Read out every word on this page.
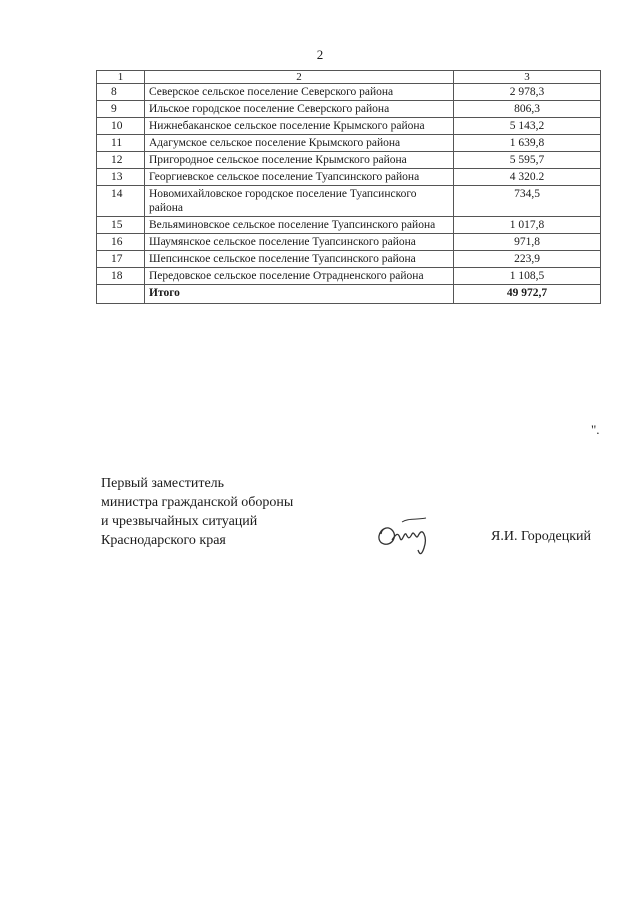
2
1	2	3
8	Северское сельское поселение Северского района	2 978,3
9	Ильское городское поселение Северского района	806,3
10	Нижнебаканское сельское поселение Крымского района	5 143,2
11	Адагумское сельское поселение Крымского района	1 639,8
12	Пригородное сельское поселение Крымского района	5 595,7
13	Георгиевское сельское поселение Туапсинского района	4 320.2
14	Новомихайловское городское поселение Туапсинского района	734,5
15	Вельяминовское сельское поселение Туапсинского района	1 017,8
16	Шаумянское сельское поселение Туапсинского района	971,8
17	Шепсинское сельское поселение Туапсинского района	223,9
18	Передовское сельское поселение Отрадненского района	1 108,5
	Итого	49 972,7
".
Первый заместитель
министра гражданской обороны
и чрезвычайных ситуаций
Краснодарского края	Я.И. Городецкий
